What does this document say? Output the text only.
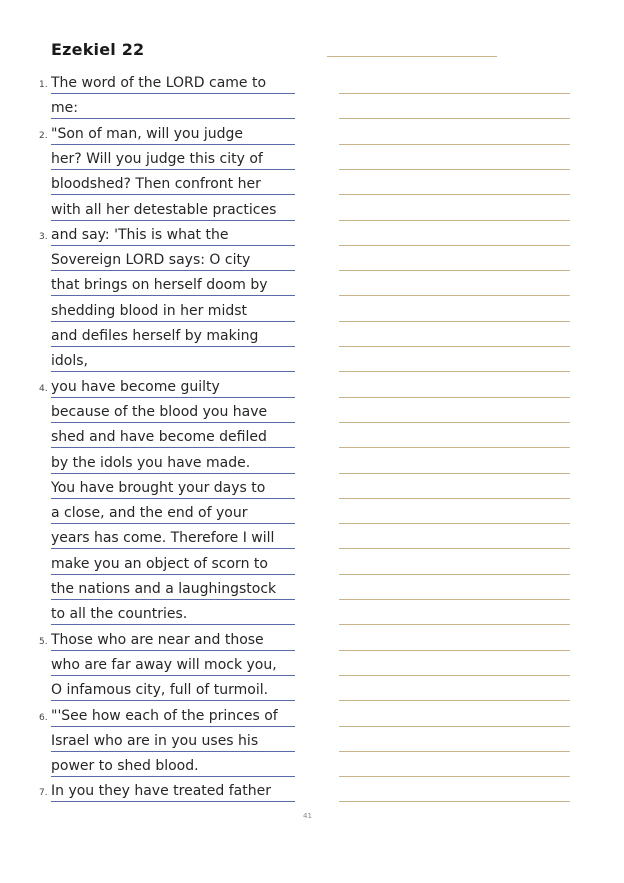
Ezekiel 22
The word of the LORD came to
1.
me:
"Son of man, will you judge
2.
her? Will you judge this city of
bloodshed? Then confront her
with all her detestable practices
and say: 'This is what the
3.
Sovereign LORD says: O city
that brings on herself doom by
shedding blood in her midst
and defiles herself by making
idols,
you have become guilty
4.
because of the blood you have
shed and have become defiled
by the idols you have made.
You have brought your days to
a close, and the end of your
years has come. Therefore I will
make you an object of scorn to
the nations and a laughingstock
to all the countries.
Those who are near and those
5.
who are far away will mock you,
O infamous city, full of turmoil.
"'See how each of the princes of
6.
Israel who are in you uses his
power to shed blood.
In you they have treated father
7.
41
